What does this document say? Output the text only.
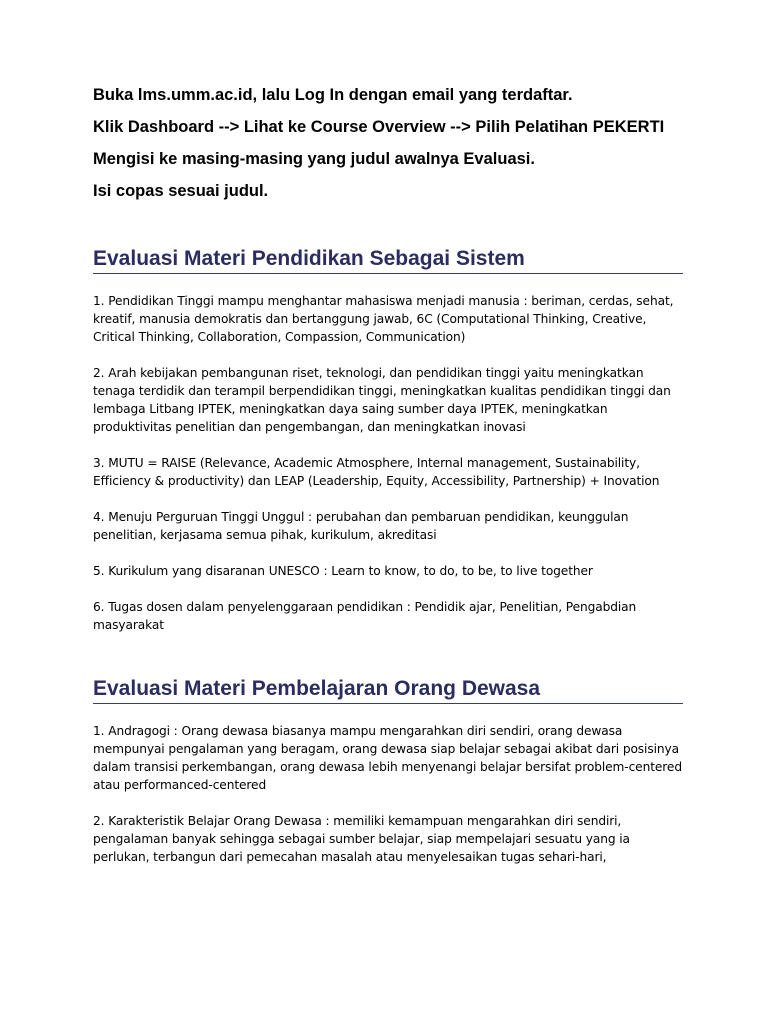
Buka lms.umm.ac.id, lalu Log In dengan email yang terdaftar.

Klik Dashboard --> Lihat ke Course Overview --> Pilih Pelatihan PEKERTI

Mengisi ke masing-masing yang judul awalnya Evaluasi.

Isi copas sesuai judul.

Evaluasi Materi Pendidikan Sebagai Sistem

1. Pendidikan Tinggi mampu menghantar mahasiswa menjadi manusia : beriman, cerdas, sehat, kreatif, manusia demokratis dan bertanggung jawab, 6C (Computational Thinking, Creative, Critical Thinking, Collaboration, Compassion, Communication)

2. Arah kebijakan pembangunan riset, teknologi, dan pendidikan tinggi yaitu meningkatkan tenaga terdidik dan terampil berpendidikan tinggi, meningkatkan kualitas pendidikan tinggi dan lembaga Litbang IPTEK, meningkatkan daya saing sumber daya IPTEK, meningkatkan produktivitas penelitian dan pengembangan, dan meningkatkan inovasi

3. MUTU = RAISE (Relevance, Academic Atmosphere, Internal management, Sustainability, Efficiency & productivity) dan LEAP (Leadership, Equity, Accessibility, Partnership) + Inovation

4. Menuju Perguruan Tinggi Unggul : perubahan dan pembaruan pendidikan, keunggulan penelitian, kerjasama semua pihak, kurikulum, akreditasi

5. Kurikulum yang disaranan UNESCO : Learn to know, to do, to be, to live together

6. Tugas dosen dalam penyelenggaraan pendidikan : Pendidik ajar, Penelitian, Pengabdian masyarakat

Evaluasi Materi Pembelajaran Orang Dewasa

1. Andragogi : Orang dewasa biasanya mampu mengarahkan diri sendiri, orang dewasa mempunyai pengalaman yang beragam, orang dewasa siap belajar sebagai akibat dari posisinya dalam transisi perkembangan, orang dewasa lebih menyenangi belajar bersifat problem-centered atau performanced-centered

2. Karakteristik Belajar Orang Dewasa : memiliki kemampuan mengarahkan diri sendiri, pengalaman banyak sehingga sebagai sumber belajar, siap mempelajari sesuatu yang ia perlukan, terbangun dari pemecahan masalah atau menyelesaikan tugas sehari-hari,
